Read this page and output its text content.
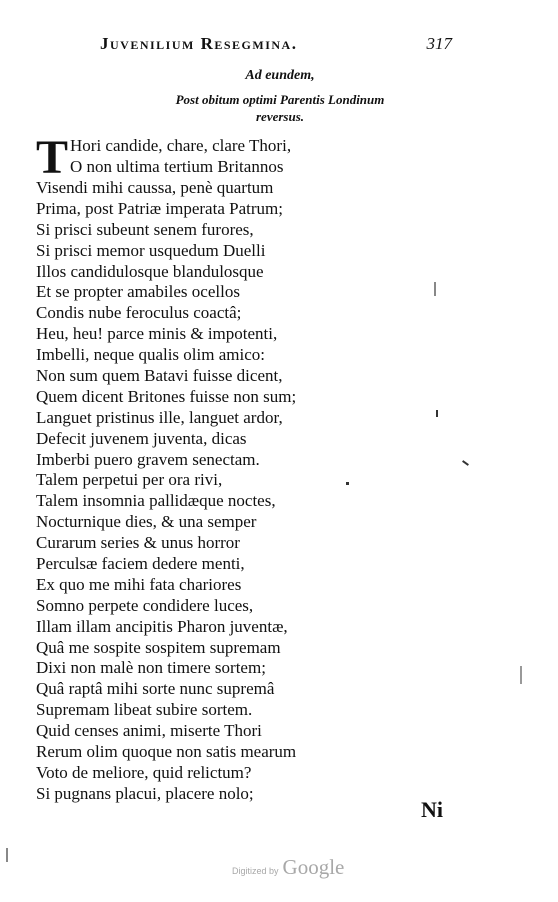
Juvenilium Resegmina.	317
Ad eundem,
Post obitum optimi Parentis Londinum
reversus.
T Hori candide, chare, clare Thori,
O non ultima tertium Britannos
Visendi mihi caussa, penè quartum
Prima, post Patriæ imperata Patrum;
Si prisci subeunt senem furores,
Si prisci memor usquedum Duelli
Illos candidulosque blandulosque
Et se propter amabiles ocellos
Condis nube feroculus coactâ;
Heu, heu! parce minis & impotenti,
Imbelli, neque qualis olim amico:
Non sum quem Batavi fuisse dicent,
Quem dicent Britones fuisse non sum;
Languet pristinus ille, languet ardor,
Defecit juvenem juventa, dicas
Imberbi puero gravem senectam.
Talem perpetui per ora rivi,
Talem insomnia pallidæque noctes,
Nocturnique dies, & una semper
Curarum series & unus horror
Perculsæ faciem dedere menti,
Ex quo me mihi fata chariores
Somno perpete condidere luces,
Illam illam ancipitis Pharon juventæ,
Quâ me sospite sospitem supremam
Dixi non malè non timere sortem;
Quâ raptâ mihi sorte nunc supremâ
Supremam libeat subire sortem.
Quid censes animi, miserte Thori
Rerum olim quoque non satis mearum
Voto de meliore, quid relictum?
Si pugnans placui, placere nolo;
Ni
Digitized by Google
